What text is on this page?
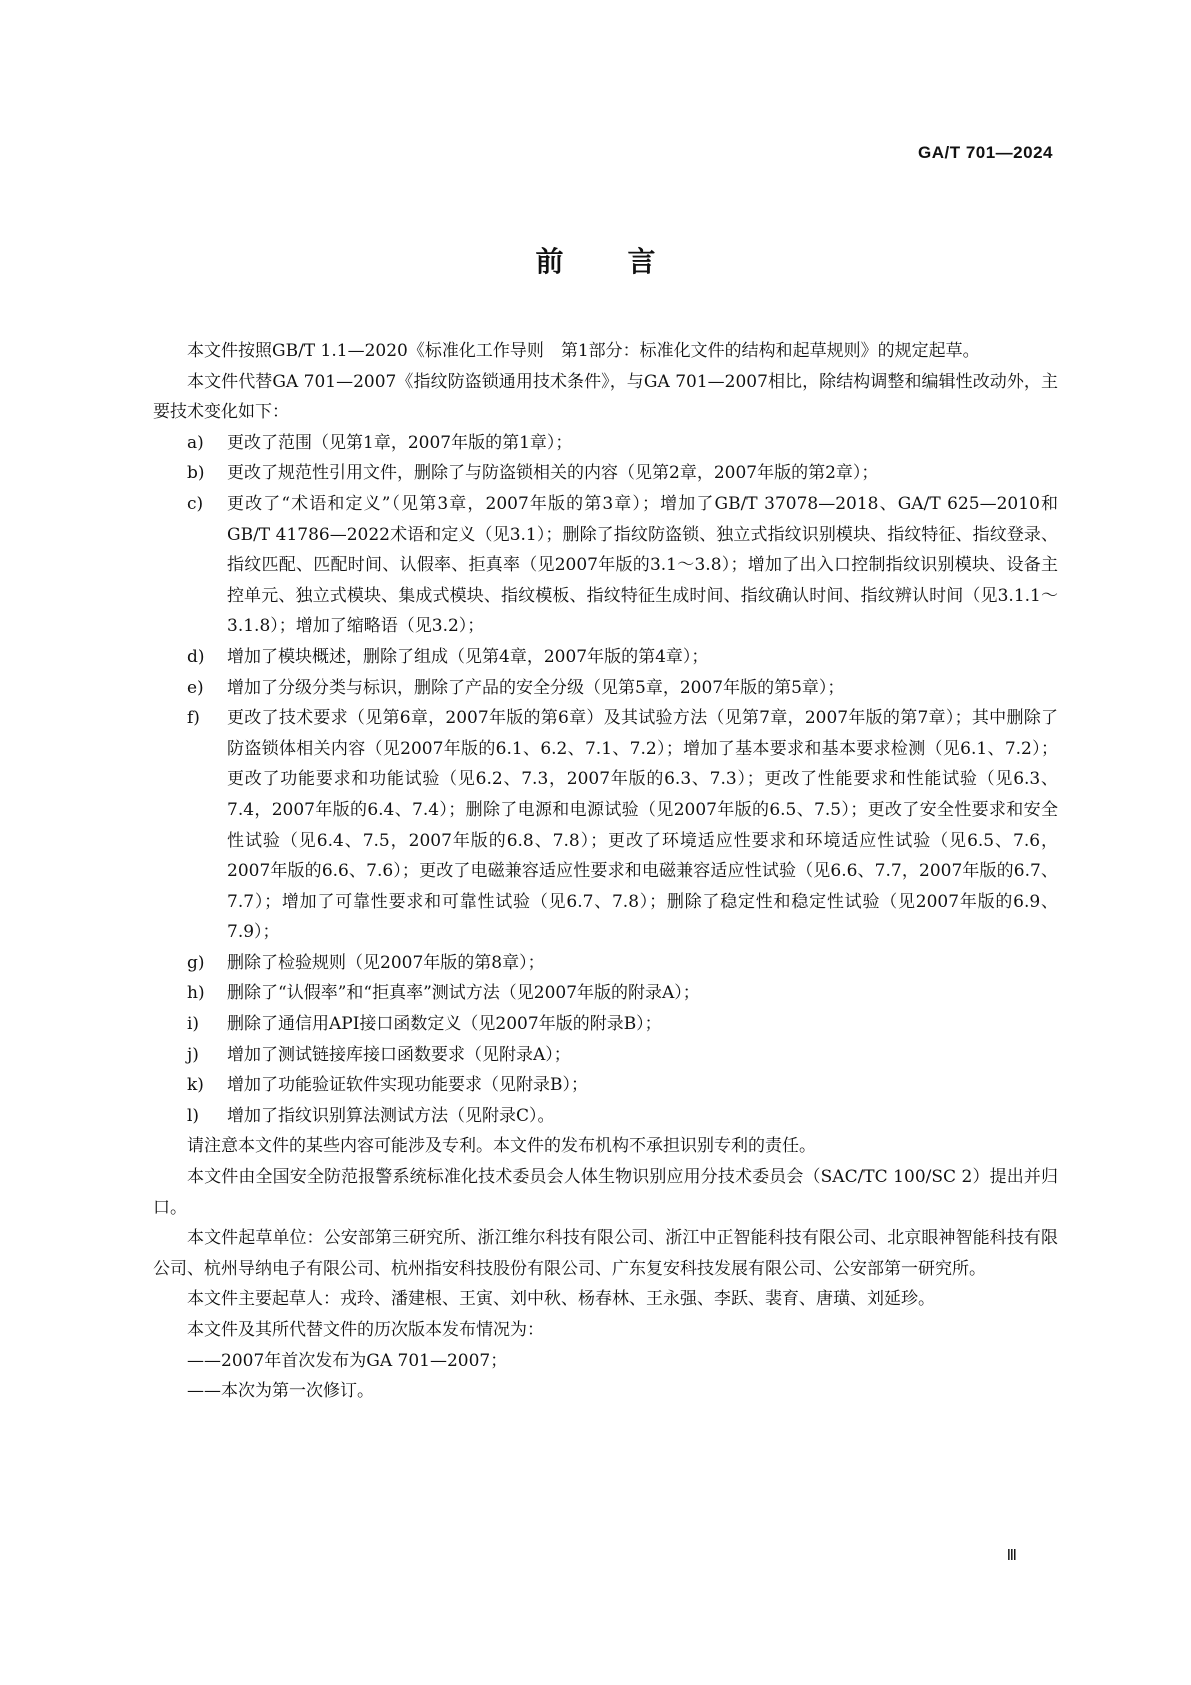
GA/T 701—2024
前 言

本文件按照GB/T 1.1—2020《标准化工作导则　第1部分：标准化文件的结构和起草规则》的规定起草。

本文件代替GA 701—2007《指纹防盗锁通用技术条件》，与GA 701—2007相比，除结构调整和编辑性改动外，主要技术变化如下：

a)	更改了范围（见第1章，2007年版的第1章）；
b)	更改了规范性引用文件，删除了与防盗锁相关的内容（见第2章，2007年版的第2章）；
c)	更改了“术语和定义”（见第3章，2007年版的第3章）；增加了GB/T 37078—2018、GA/T 625—2010和GB/T 41786—2022术语和定义（见3.1）；删除了指纹防盗锁、独立式指纹识别模块、指纹特征、指纹登录、指纹匹配、匹配时间、认假率、拒真率（见2007年版的3.1～3.8）；增加了出入口控制指纹识别模块、设备主控单元、独立式模块、集成式模块、指纹模板、指纹特征生成时间、指纹确认时间、指纹辨认时间（见3.1.1～3.1.8）；增加了缩略语（见3.2）；
d)	增加了模块概述，删除了组成（见第4章，2007年版的第4章）；
e)	增加了分级分类与标识，删除了产品的安全分级（见第5章，2007年版的第5章）；
f)	更改了技术要求（见第6章，2007年版的第6章）及其试验方法（见第7章，2007年版的第7章）；其中删除了防盗锁体相关内容（见2007年版的6.1、6.2、7.1、7.2）；增加了基本要求和基本要求检测（见6.1、7.2）；更改了功能要求和功能试验（见6.2、7.3，2007年版的6.3、7.3）；更改了性能要求和性能试验（见6.3、7.4，2007年版的6.4、7.4）；删除了电源和电源试验（见2007年版的6.5、7.5）；更改了安全性要求和安全性试验（见6.4、7.5，2007年版的6.8、7.8）；更改了环境适应性要求和环境适应性试验（见6.5、7.6，2007年版的6.6、7.6）；更改了电磁兼容适应性要求和电磁兼容适应性试验（见6.6、7.7，2007年版的6.7、7.7）；增加了可靠性要求和可靠性试验（见6.7、7.8）；删除了稳定性和稳定性试验（见2007年版的6.9、7.9）；
g)	删除了检验规则（见2007年版的第8章）；
h)	删除了“认假率”和“拒真率”测试方法（见2007年版的附录A）；
i)	删除了通信用API接口函数定义（见2007年版的附录B）；
j)	增加了测试链接库接口函数要求（见附录A）；
k)	增加了功能验证软件实现功能要求（见附录B）；
l)	增加了指纹识别算法测试方法（见附录C）。

请注意本文件的某些内容可能涉及专利。本文件的发布机构不承担识别专利的责任。

本文件由全国安全防范报警系统标准化技术委员会人体生物识别应用分技术委员会（SAC/TC 100/SC 2）提出并归口。

本文件起草单位：公安部第三研究所、浙江维尔科技有限公司、浙江中正智能科技有限公司、北京眼神智能科技有限公司、杭州导纳电子有限公司、杭州指安科技股份有限公司、广东复安科技发展有限公司、公安部第一研究所。

本文件主要起草人：戎玲、潘建根、王寅、刘中秋、杨春林、王永强、李跃、裴育、唐璜、刘延珍。

本文件及其所代替文件的历次版本发布情况为：

——2007年首次发布为GA 701—2007；

——本次为第一次修订。

Ⅲ
